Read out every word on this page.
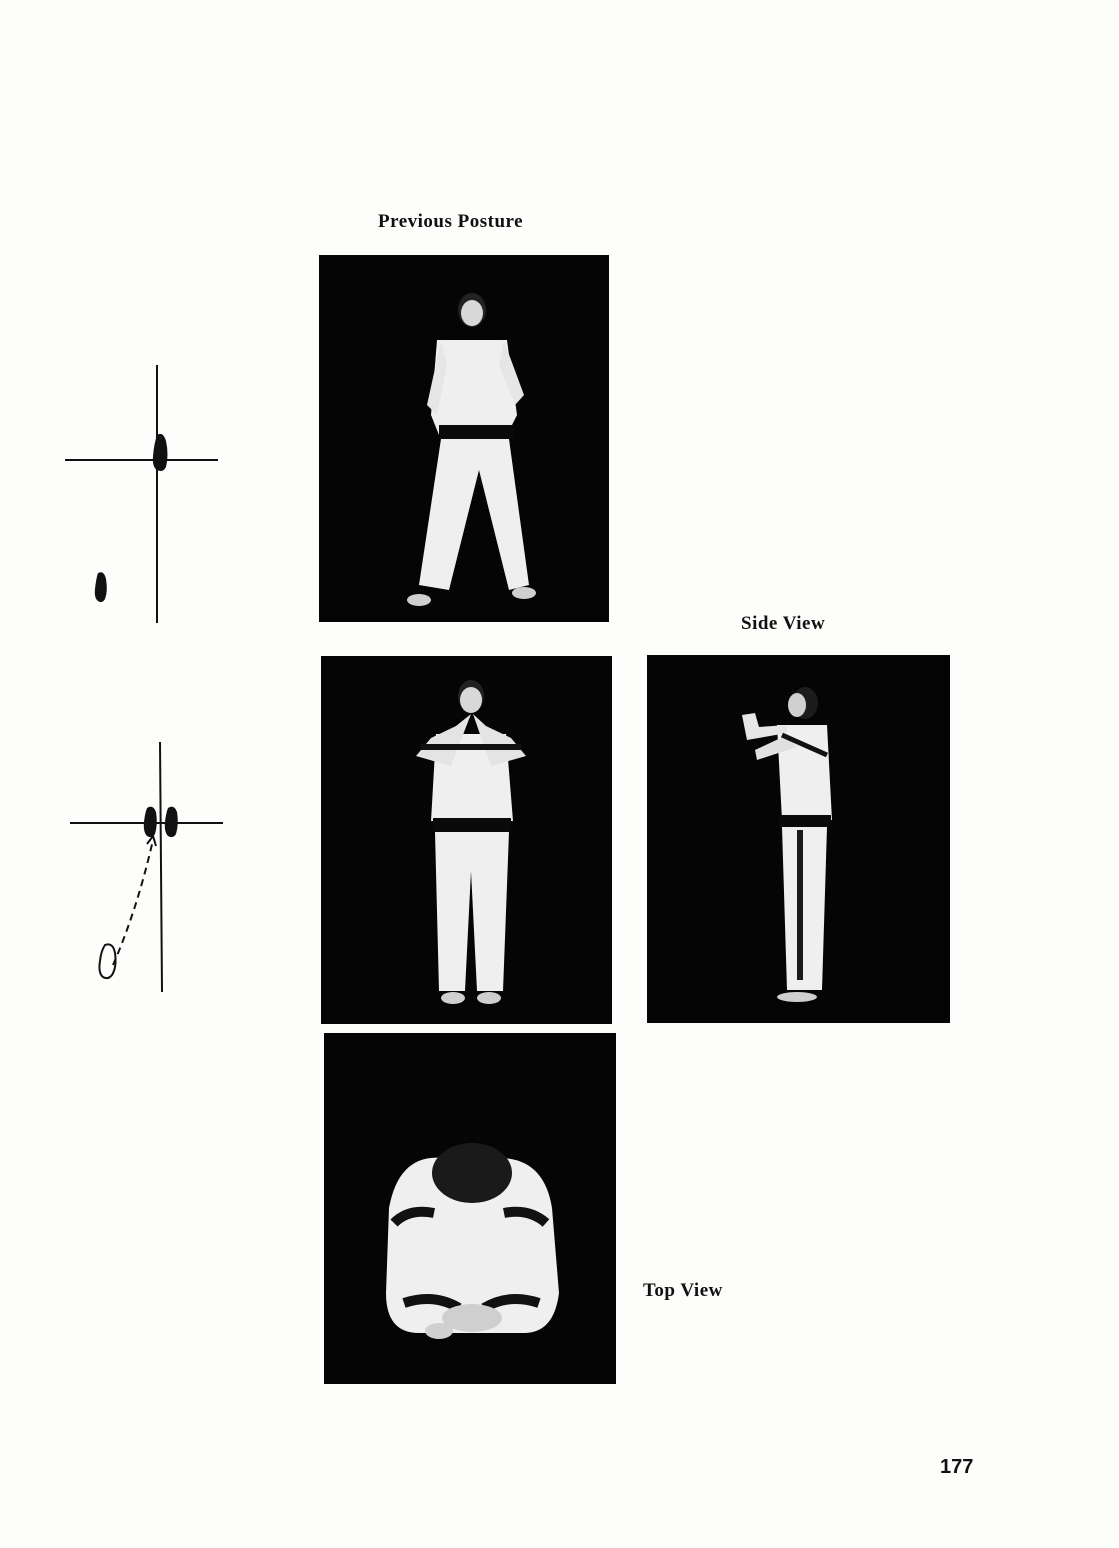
Previous Posture
Side View
Top View
177
